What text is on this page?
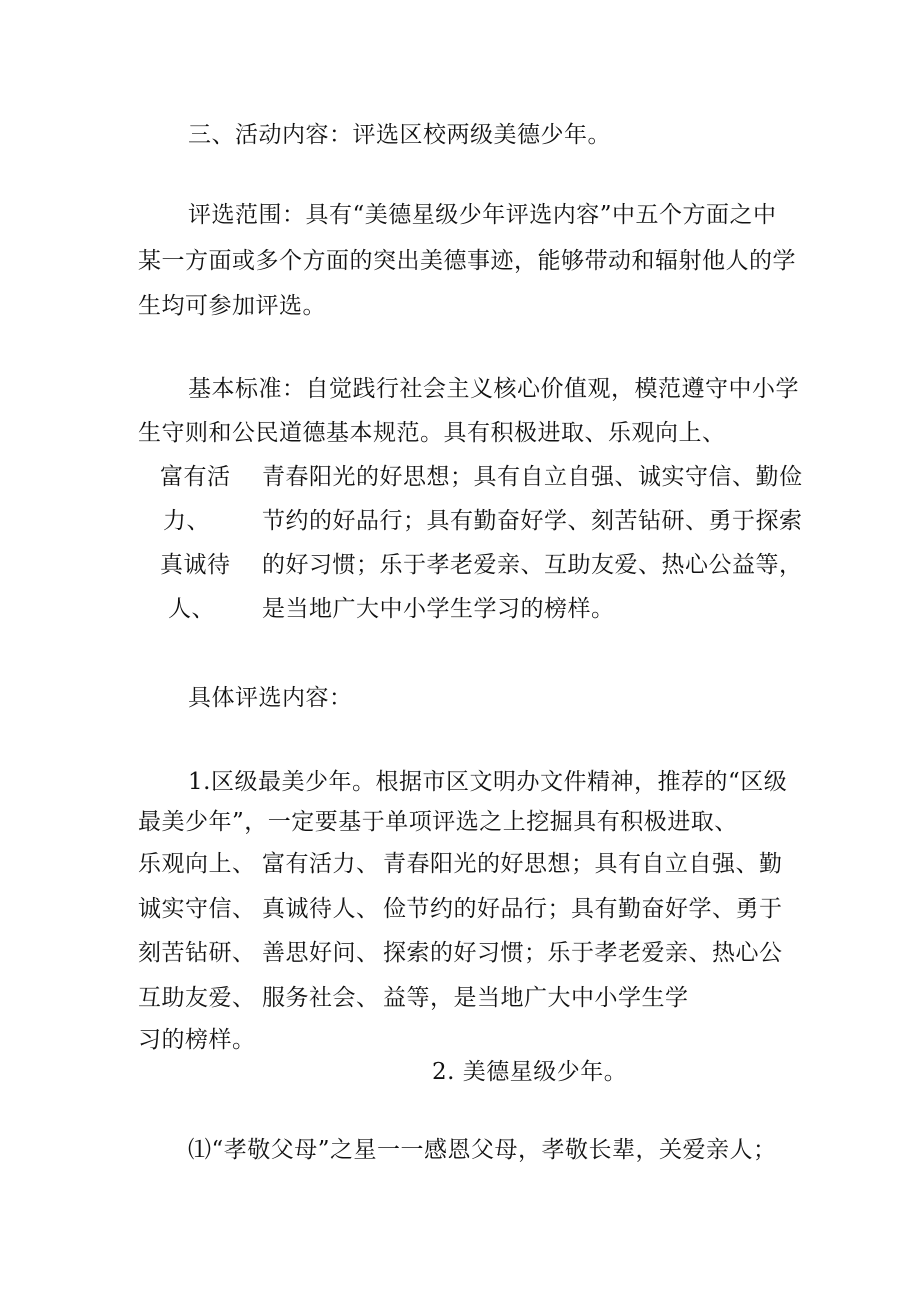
三、活动内容：评选区校两级美德少年。
评选范围：具有“美德星级少年评选内容”中五个方面之中
某一方面或多个方面的突出美德事迹，能够带动和辐射他人的学
生均可参加评选。
基本标准：自觉践行社会主义核心价值观，模范遵守中小学
生守则和公民道德基本规范。具有积极进取、乐观向上、
富有活
力、
真诚待
人、
青春阳光的好思想；具有自立自强、诚实守信、勤俭
节约的好品行；具有勤奋好学、刻苦钻研、勇于探索
的好习惯；乐于孝老爱亲、互助友爱、热心公益等，
是当地广大中小学生学习的榜样。
具体评选内容：
1.区级最美少年。根据市区文明办文件精神，推荐的“区级
最美少年”，一定要基于单项评选之上挖掘具有积极进取、
乐观向上、
诚实守信、
刻苦钻研、
互助友爱、
习的榜样。
富有活力、
真诚待人、
善思好问、
服务社会、
青春阳光的好思想；具有自立自强、勤
俭节约的好品行；具有勤奋好学、勇于
探索的好习惯；乐于孝老爱亲、热心公
益等，是当地广大中小学生学
2. 美德星级少年。
⑴“孝敬父母”之星一一感恩父母，孝敬长辈，关爱亲人；
